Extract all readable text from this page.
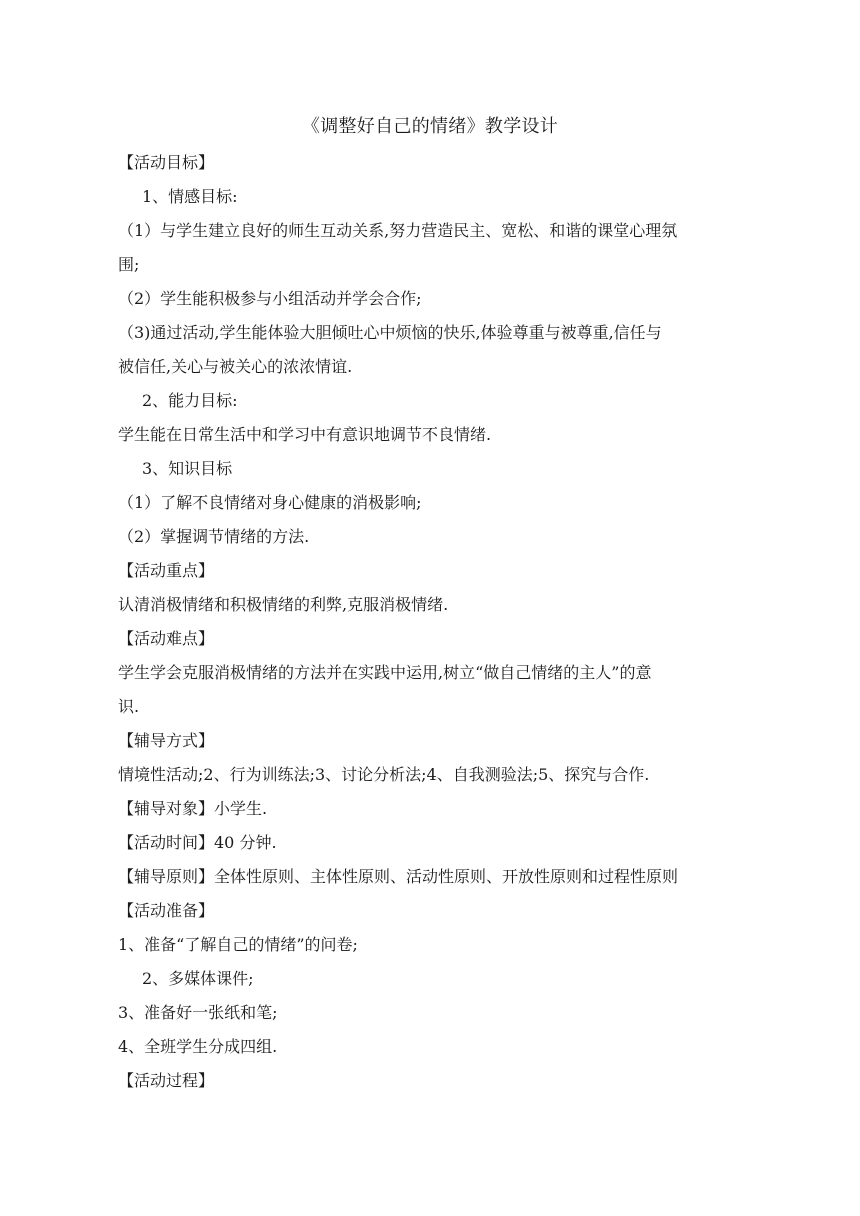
《调整好自己的情绪》教学设计
【活动目标】
1、情感目标:
（1）与学生建立良好的师生互动关系,努力营造民主、宽松、和谐的课堂心理氛
围;
（2）学生能积极参与小组活动并学会合作;
（3)通过活动,学生能体验大胆倾吐心中烦恼的快乐,体验尊重与被尊重,信任与
被信任,关心与被关心的浓浓情谊.
2、能力目标:
学生能在日常生活中和学习中有意识地调节不良情绪.
3、知识目标
（1）了解不良情绪对身心健康的消极影响;
（2）掌握调节情绪的方法.
【活动重点】
认清消极情绪和积极情绪的利弊,克服消极情绪.
【活动难点】
学生学会克服消极情绪的方法并在实践中运用,树立“做自己情绪的主人”的意
识.
【辅导方式】
情境性活动;2、行为训练法;3、讨论分析法;4、自我测验法;5、探究与合作.
【辅导对象】小学生.
【活动时间】40 分钟.
【辅导原则】全体性原则、主体性原则、活动性原则、开放性原则和过程性原则
【活动准备】
1、准备“了解自己的情绪”的问卷;
2、多媒体课件;
3、准备好一张纸和笔;
4、全班学生分成四组.
【活动过程】
